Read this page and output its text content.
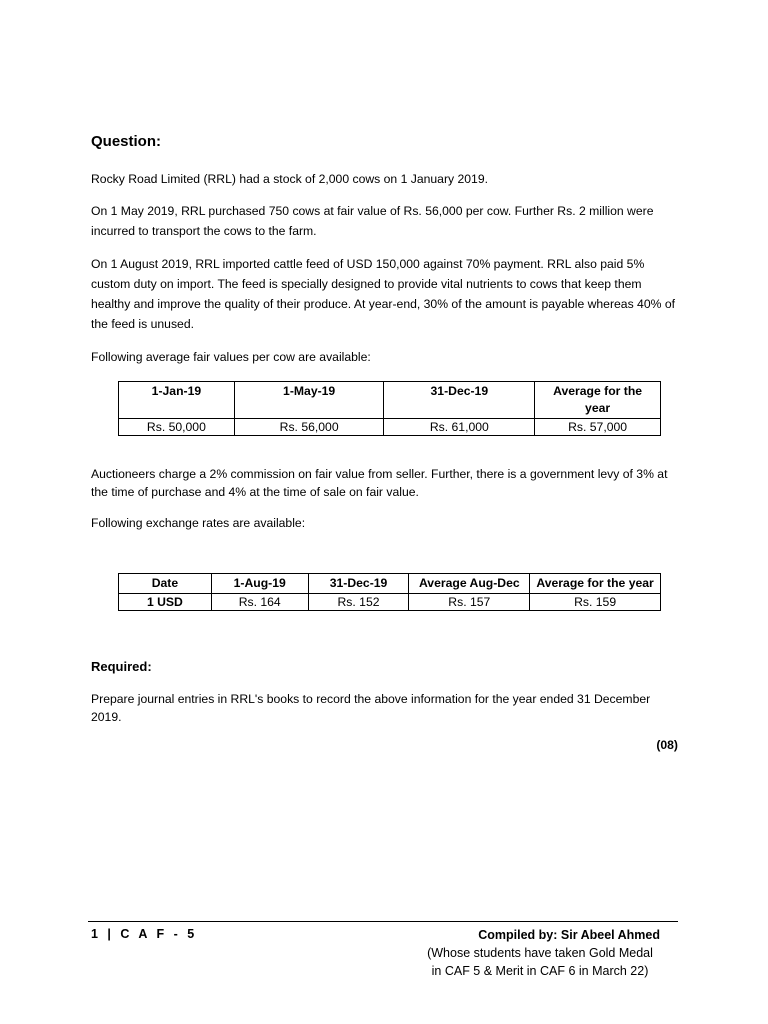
Question:

Rocky Road Limited (RRL) had a stock of 2,000 cows on 1 January 2019.

On 1 May 2019, RRL purchased 750 cows at fair value of Rs. 56,000 per cow. Further Rs. 2 million were incurred to transport the cows to the farm.

On 1 August 2019, RRL imported cattle feed of USD 150,000 against 70% payment. RRL also paid 5% custom duty on import. The feed is specially designed to provide vital nutrients to cows that keep them healthy and improve the quality of their produce. At year-end, 30% of the amount is payable whereas 40% of the feed is unused.

Following average fair values per cow are available:

1-Jan-19	1-May-19	31-Dec-19	Average for the year
Rs. 50,000	Rs. 56,000	Rs. 61,000	Rs. 57,000

Auctioneers charge a 2% commission on fair value from seller. Further, there is a government levy of 3% at the time of purchase and 4% at the time of sale on fair value.

Following exchange rates are available:

Date	1-Aug-19	31-Dec-19	Average Aug-Dec	Average for the year
1 USD	Rs. 164	Rs. 152	Rs. 157	Rs. 159
Required:

Prepare journal entries in RRL's books to record the above information for the year ended 31 December 2019.

(08)
1 | C A F - 5	Compiled by: Sir Abeel Ahmed
(Whose students have taken Gold Medal
in CAF 5 & Merit in CAF 6 in March 22)
